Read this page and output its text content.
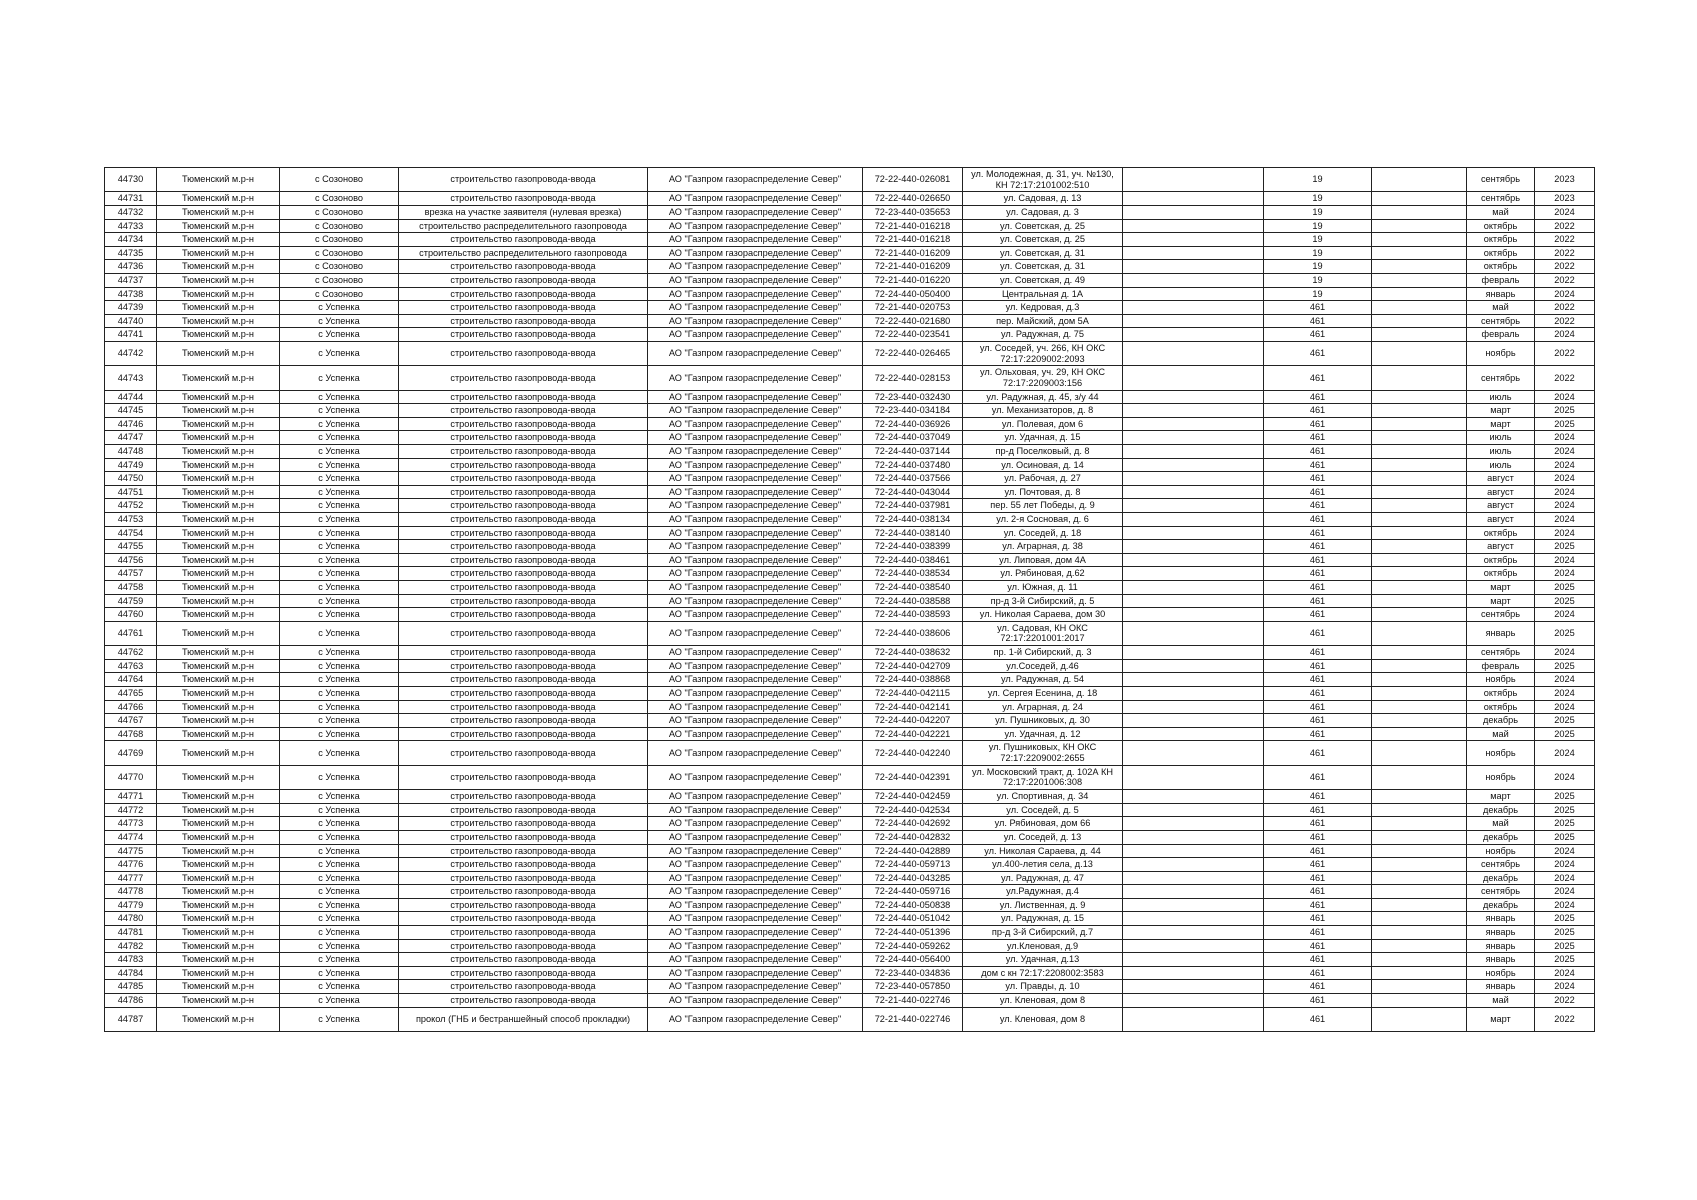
44730	Тюменский м.р-н	с Созоново	строительство газопровода-ввода	АО "Газпром газораспределение Север"	72-22-440-026081	ул. Молодежная, д. 31, уч. №130, КН 72:17:2101002:510		19		сентябрь	2023
44731	Тюменский м.р-н	с Созоново	строительство газопровода-ввода	АО "Газпром газораспределение Север"	72-22-440-026650	ул. Садовая, д. 13		19		сентябрь	2023
44732	Тюменский м.р-н	с Созоново	врезка на участке заявителя (нулевая врезка)	АО "Газпром газораспределение Север"	72-23-440-035653	ул. Садовая, д. 3		19		май	2024
44733	Тюменский м.р-н	с Созоново	строительство распределительного газопровода	АО "Газпром газораспределение Север"	72-21-440-016218	ул. Советская, д. 25		19		октябрь	2022
44734	Тюменский м.р-н	с Созоново	строительство газопровода-ввода	АО "Газпром газораспределение Север"	72-21-440-016218	ул. Советская, д. 25		19		октябрь	2022
44735	Тюменский м.р-н	с Созоново	строительство распределительного газопровода	АО "Газпром газораспределение Север"	72-21-440-016209	ул. Советская, д. 31		19		октябрь	2022
44736	Тюменский м.р-н	с Созоново	строительство газопровода-ввода	АО "Газпром газораспределение Север"	72-21-440-016209	ул. Советская, д. 31		19		октябрь	2022
44737	Тюменский м.р-н	с Созоново	строительство газопровода-ввода	АО "Газпром газораспределение Север"	72-21-440-016220	ул. Советская, д. 49		19		февраль	2022
44738	Тюменский м.р-н	с Созоново	строительство газопровода-ввода	АО "Газпром газораспределение Север"	72-24-440-050400	Центральная д. 1А		19		январь	2024
44739	Тюменский м.р-н	с Успенка	строительство газопровода-ввода	АО "Газпром газораспределение Север"	72-21-440-020753	ул. Кедровая, д.3		461		май	2022
44740	Тюменский м.р-н	с Успенка	строительство газопровода-ввода	АО "Газпром газораспределение Север"	72-22-440-021680	пер. Майский, дом 5А		461		сентябрь	2022
44741	Тюменский м.р-н	с Успенка	строительство газопровода-ввода	АО "Газпром газораспределение Север"	72-22-440-023541	ул. Радужная, д. 75		461		февраль	2024
44742	Тюменский м.р-н	с Успенка	строительство газопровода-ввода	АО "Газпром газораспределение Север"	72-22-440-026465	ул. Соседей, уч. 266, КН ОКС 72:17:2209002:2093		461		ноябрь	2022
44743	Тюменский м.р-н	с Успенка	строительство газопровода-ввода	АО "Газпром газораспределение Север"	72-22-440-028153	ул. Ольховая, уч. 29, КН ОКС 72:17:2209003:156		461		сентябрь	2022
44744	Тюменский м.р-н	с Успенка	строительство газопровода-ввода	АО "Газпром газораспределение Север"	72-23-440-032430	ул. Радужная, д. 45, з/у 44		461		июль	2024
44745	Тюменский м.р-н	с Успенка	строительство газопровода-ввода	АО "Газпром газораспределение Север"	72-23-440-034184	ул. Механизаторов, д. 8		461		март	2025
44746	Тюменский м.р-н	с Успенка	строительство газопровода-ввода	АО "Газпром газораспределение Север"	72-24-440-036926	ул. Полевая, дом 6		461		март	2025
44747	Тюменский м.р-н	с Успенка	строительство газопровода-ввода	АО "Газпром газораспределение Север"	72-24-440-037049	ул. Удачная, д. 15		461		июль	2024
44748	Тюменский м.р-н	с Успенка	строительство газопровода-ввода	АО "Газпром газораспределение Север"	72-24-440-037144	пр-д Поселковый, д. 8		461		июль	2024
44749	Тюменский м.р-н	с Успенка	строительство газопровода-ввода	АО "Газпром газораспределение Север"	72-24-440-037480	ул. Осиновая, д. 14		461		июль	2024
44750	Тюменский м.р-н	с Успенка	строительство газопровода-ввода	АО "Газпром газораспределение Север"	72-24-440-037566	ул. Рабочая, д. 27		461		август	2024
44751	Тюменский м.р-н	с Успенка	строительство газопровода-ввода	АО "Газпром газораспределение Север"	72-24-440-043044	ул. Почтовая, д. 8		461		август	2024
44752	Тюменский м.р-н	с Успенка	строительство газопровода-ввода	АО "Газпром газораспределение Север"	72-24-440-037981	пер. 55 лет Победы, д. 9		461		август	2024
44753	Тюменский м.р-н	с Успенка	строительство газопровода-ввода	АО "Газпром газораспределение Север"	72-24-440-038134	ул. 2-я Сосновая, д. 6		461		август	2024
44754	Тюменский м.р-н	с Успенка	строительство газопровода-ввода	АО "Газпром газораспределение Север"	72-24-440-038140	ул. Соседей, д. 18		461		октябрь	2024
44755	Тюменский м.р-н	с Успенка	строительство газопровода-ввода	АО "Газпром газораспределение Север"	72-24-440-038399	ул. Аграрная, д. 38		461		август	2025
44756	Тюменский м.р-н	с Успенка	строительство газопровода-ввода	АО "Газпром газораспределение Север"	72-24-440-038461	ул. Липовая, дом 4А		461		октябрь	2024
44757	Тюменский м.р-н	с Успенка	строительство газопровода-ввода	АО "Газпром газораспределение Север"	72-24-440-038534	ул. Рябиновая, д.62		461		октябрь	2024
44758	Тюменский м.р-н	с Успенка	строительство газопровода-ввода	АО "Газпром газораспределение Север"	72-24-440-038540	ул. Южная, д. 11		461		март	2025
44759	Тюменский м.р-н	с Успенка	строительство газопровода-ввода	АО "Газпром газораспределение Север"	72-24-440-038588	пр-д 3-й Сибирский, д. 5		461		март	2025
44760	Тюменский м.р-н	с Успенка	строительство газопровода-ввода	АО "Газпром газораспределение Север"	72-24-440-038593	ул. Николая Сараева, дом 30		461		сентябрь	2024
44761	Тюменский м.р-н	с Успенка	строительство газопровода-ввода	АО "Газпром газораспределение Север"	72-24-440-038606	ул. Садовая, КН ОКС 72:17:2201001:2017		461		январь	2025
44762	Тюменский м.р-н	с Успенка	строительство газопровода-ввода	АО "Газпром газораспределение Север"	72-24-440-038632	пр. 1-й Сибирский, д. 3		461		сентябрь	2024
44763	Тюменский м.р-н	с Успенка	строительство газопровода-ввода	АО "Газпром газораспределение Север"	72-24-440-042709	ул.Соседей, д.46		461		февраль	2025
44764	Тюменский м.р-н	с Успенка	строительство газопровода-ввода	АО "Газпром газораспределение Север"	72-24-440-038868	ул. Радужная, д. 54		461		ноябрь	2024
44765	Тюменский м.р-н	с Успенка	строительство газопровода-ввода	АО "Газпром газораспределение Север"	72-24-440-042115	ул. Сергея Есенина, д. 18		461		октябрь	2024
44766	Тюменский м.р-н	с Успенка	строительство газопровода-ввода	АО "Газпром газораспределение Север"	72-24-440-042141	ул. Аграрная, д. 24		461		октябрь	2024
44767	Тюменский м.р-н	с Успенка	строительство газопровода-ввода	АО "Газпром газораспределение Север"	72-24-440-042207	ул. Пушниковых, д. 30		461		декабрь	2025
44768	Тюменский м.р-н	с Успенка	строительство газопровода-ввода	АО "Газпром газораспределение Север"	72-24-440-042221	ул. Удачная, д. 12		461		май	2025
44769	Тюменский м.р-н	с Успенка	строительство газопровода-ввода	АО "Газпром газораспределение Север"	72-24-440-042240	ул. Пушниковых, КН ОКС 72:17:2209002:2655		461		ноябрь	2024
44770	Тюменский м.р-н	с Успенка	строительство газопровода-ввода	АО "Газпром газораспределение Север"	72-24-440-042391	ул. Московский тракт, д. 102А КН 72:17:2201006:308		461		ноябрь	2024
44771	Тюменский м.р-н	с Успенка	строительство газопровода-ввода	АО "Газпром газораспределение Север"	72-24-440-042459	ул. Спортивная, д. 34		461		март	2025
44772	Тюменский м.р-н	с Успенка	строительство газопровода-ввода	АО "Газпром газораспределение Север"	72-24-440-042534	ул. Соседей, д. 5		461		декабрь	2025
44773	Тюменский м.р-н	с Успенка	строительство газопровода-ввода	АО "Газпром газораспределение Север"	72-24-440-042692	ул. Рябиновая, дом 66		461		май	2025
44774	Тюменский м.р-н	с Успенка	строительство газопровода-ввода	АО "Газпром газораспределение Север"	72-24-440-042832	ул. Соседей, д. 13		461		декабрь	2025
44775	Тюменский м.р-н	с Успенка	строительство газопровода-ввода	АО "Газпром газораспределение Север"	72-24-440-042889	ул. Николая Сараева, д. 44		461		ноябрь	2024
44776	Тюменский м.р-н	с Успенка	строительство газопровода-ввода	АО "Газпром газораспределение Север"	72-24-440-059713	ул.400-летия села, д.13		461		сентябрь	2024
44777	Тюменский м.р-н	с Успенка	строительство газопровода-ввода	АО "Газпром газораспределение Север"	72-24-440-043285	ул. Радужная, д. 47		461		декабрь	2024
44778	Тюменский м.р-н	с Успенка	строительство газопровода-ввода	АО "Газпром газораспределение Север"	72-24-440-059716	ул.Радужная, д.4		461		сентябрь	2024
44779	Тюменский м.р-н	с Успенка	строительство газопровода-ввода	АО "Газпром газораспределение Север"	72-24-440-050838	ул. Лиственная, д. 9		461		декабрь	2024
44780	Тюменский м.р-н	с Успенка	строительство газопровода-ввода	АО "Газпром газораспределение Север"	72-24-440-051042	ул. Радужная, д. 15		461		январь	2025
44781	Тюменский м.р-н	с Успенка	строительство газопровода-ввода	АО "Газпром газораспределение Север"	72-24-440-051396	пр-д 3-й Сибирский, д.7		461		январь	2025
44782	Тюменский м.р-н	с Успенка	строительство газопровода-ввода	АО "Газпром газораспределение Север"	72-24-440-059262	ул.Кленовая, д.9		461		январь	2025
44783	Тюменский м.р-н	с Успенка	строительство газопровода-ввода	АО "Газпром газораспределение Север"	72-24-440-056400	ул. Удачная, д.13		461		январь	2025
44784	Тюменский м.р-н	с Успенка	строительство газопровода-ввода	АО "Газпром газораспределение Север"	72-23-440-034836	дом с кн 72:17:2208002:3583		461		ноябрь	2024
44785	Тюменский м.р-н	с Успенка	строительство газопровода-ввода	АО "Газпром газораспределение Север"	72-23-440-057850	ул. Правды, д. 10		461		январь	2024
44786	Тюменский м.р-н	с Успенка	строительство газопровода-ввода	АО "Газпром газораспределение Север"	72-21-440-022746	ул. Кленовая, дом 8		461		май	2022
44787	Тюменский м.р-н	с Успенка	прокол (ГНБ и бестраншейный способ прокладки)	АО "Газпром газораспределение Север"	72-21-440-022746	ул. Кленовая, дом 8		461		март	2022
